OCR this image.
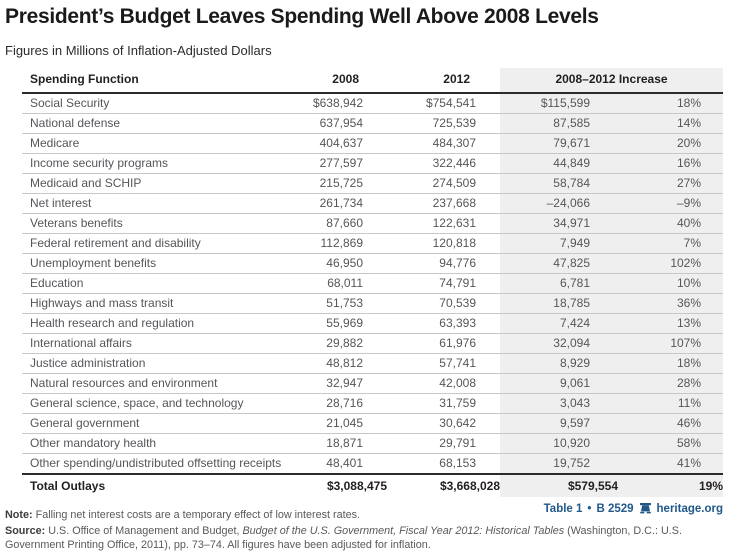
President’s Budget Leaves Spending Well Above 2008 Levels
Figures in Millions of Inflation-Adjusted Dollars
Spending Function	2008	2012	2008–2012 Increase	
Social Security	$638,942	$754,541	$115,599	18%
National defense	637,954	725,539	87,585	14%
Medicare	404,637	484,307	79,671	20%
Income security programs	277,597	322,446	44,849	16%
Medicaid and SCHIP	215,725	274,509	58,784	27%
Net interest	261,734	237,668	–24,066	–9%
Veterans benefits	87,660	122,631	34,971	40%
Federal retirement and disability	112,869	120,818	7,949	7%
Unemployment benefits	46,950	94,776	47,825	102%
Education	68,011	74,791	6,781	10%
Highways and mass transit	51,753	70,539	18,785	36%
Health research and regulation	55,969	63,393	7,424	13%
International affairs	29,882	61,976	32,094	107%
Justice administration	48,812	57,741	8,929	18%
Natural resources and environment	32,947	42,008	9,061	28%
General science, space, and technology	28,716	31,759	3,043	11%
General government	21,045	30,642	9,597	46%
Other mandatory health	18,871	29,791	10,920	58%
Other spending/undistributed offsetting receipts	48,401	68,153	19,752	41%
Total Outlays	$3,088,475	$3,668,028	$579,554	19%

Note: Falling net interest costs are a temporary effect of low interest rates.

Source: U.S. Office of Management and Budget, Budget of the U.S. Government, Fiscal Year 2012: Historical Tables (Washington, D.C.: U.S. Government Printing Office, 2011), pp. 73–74. All figures have been adjusted for inflation.

Table 1 • B 2529 heritage.org
